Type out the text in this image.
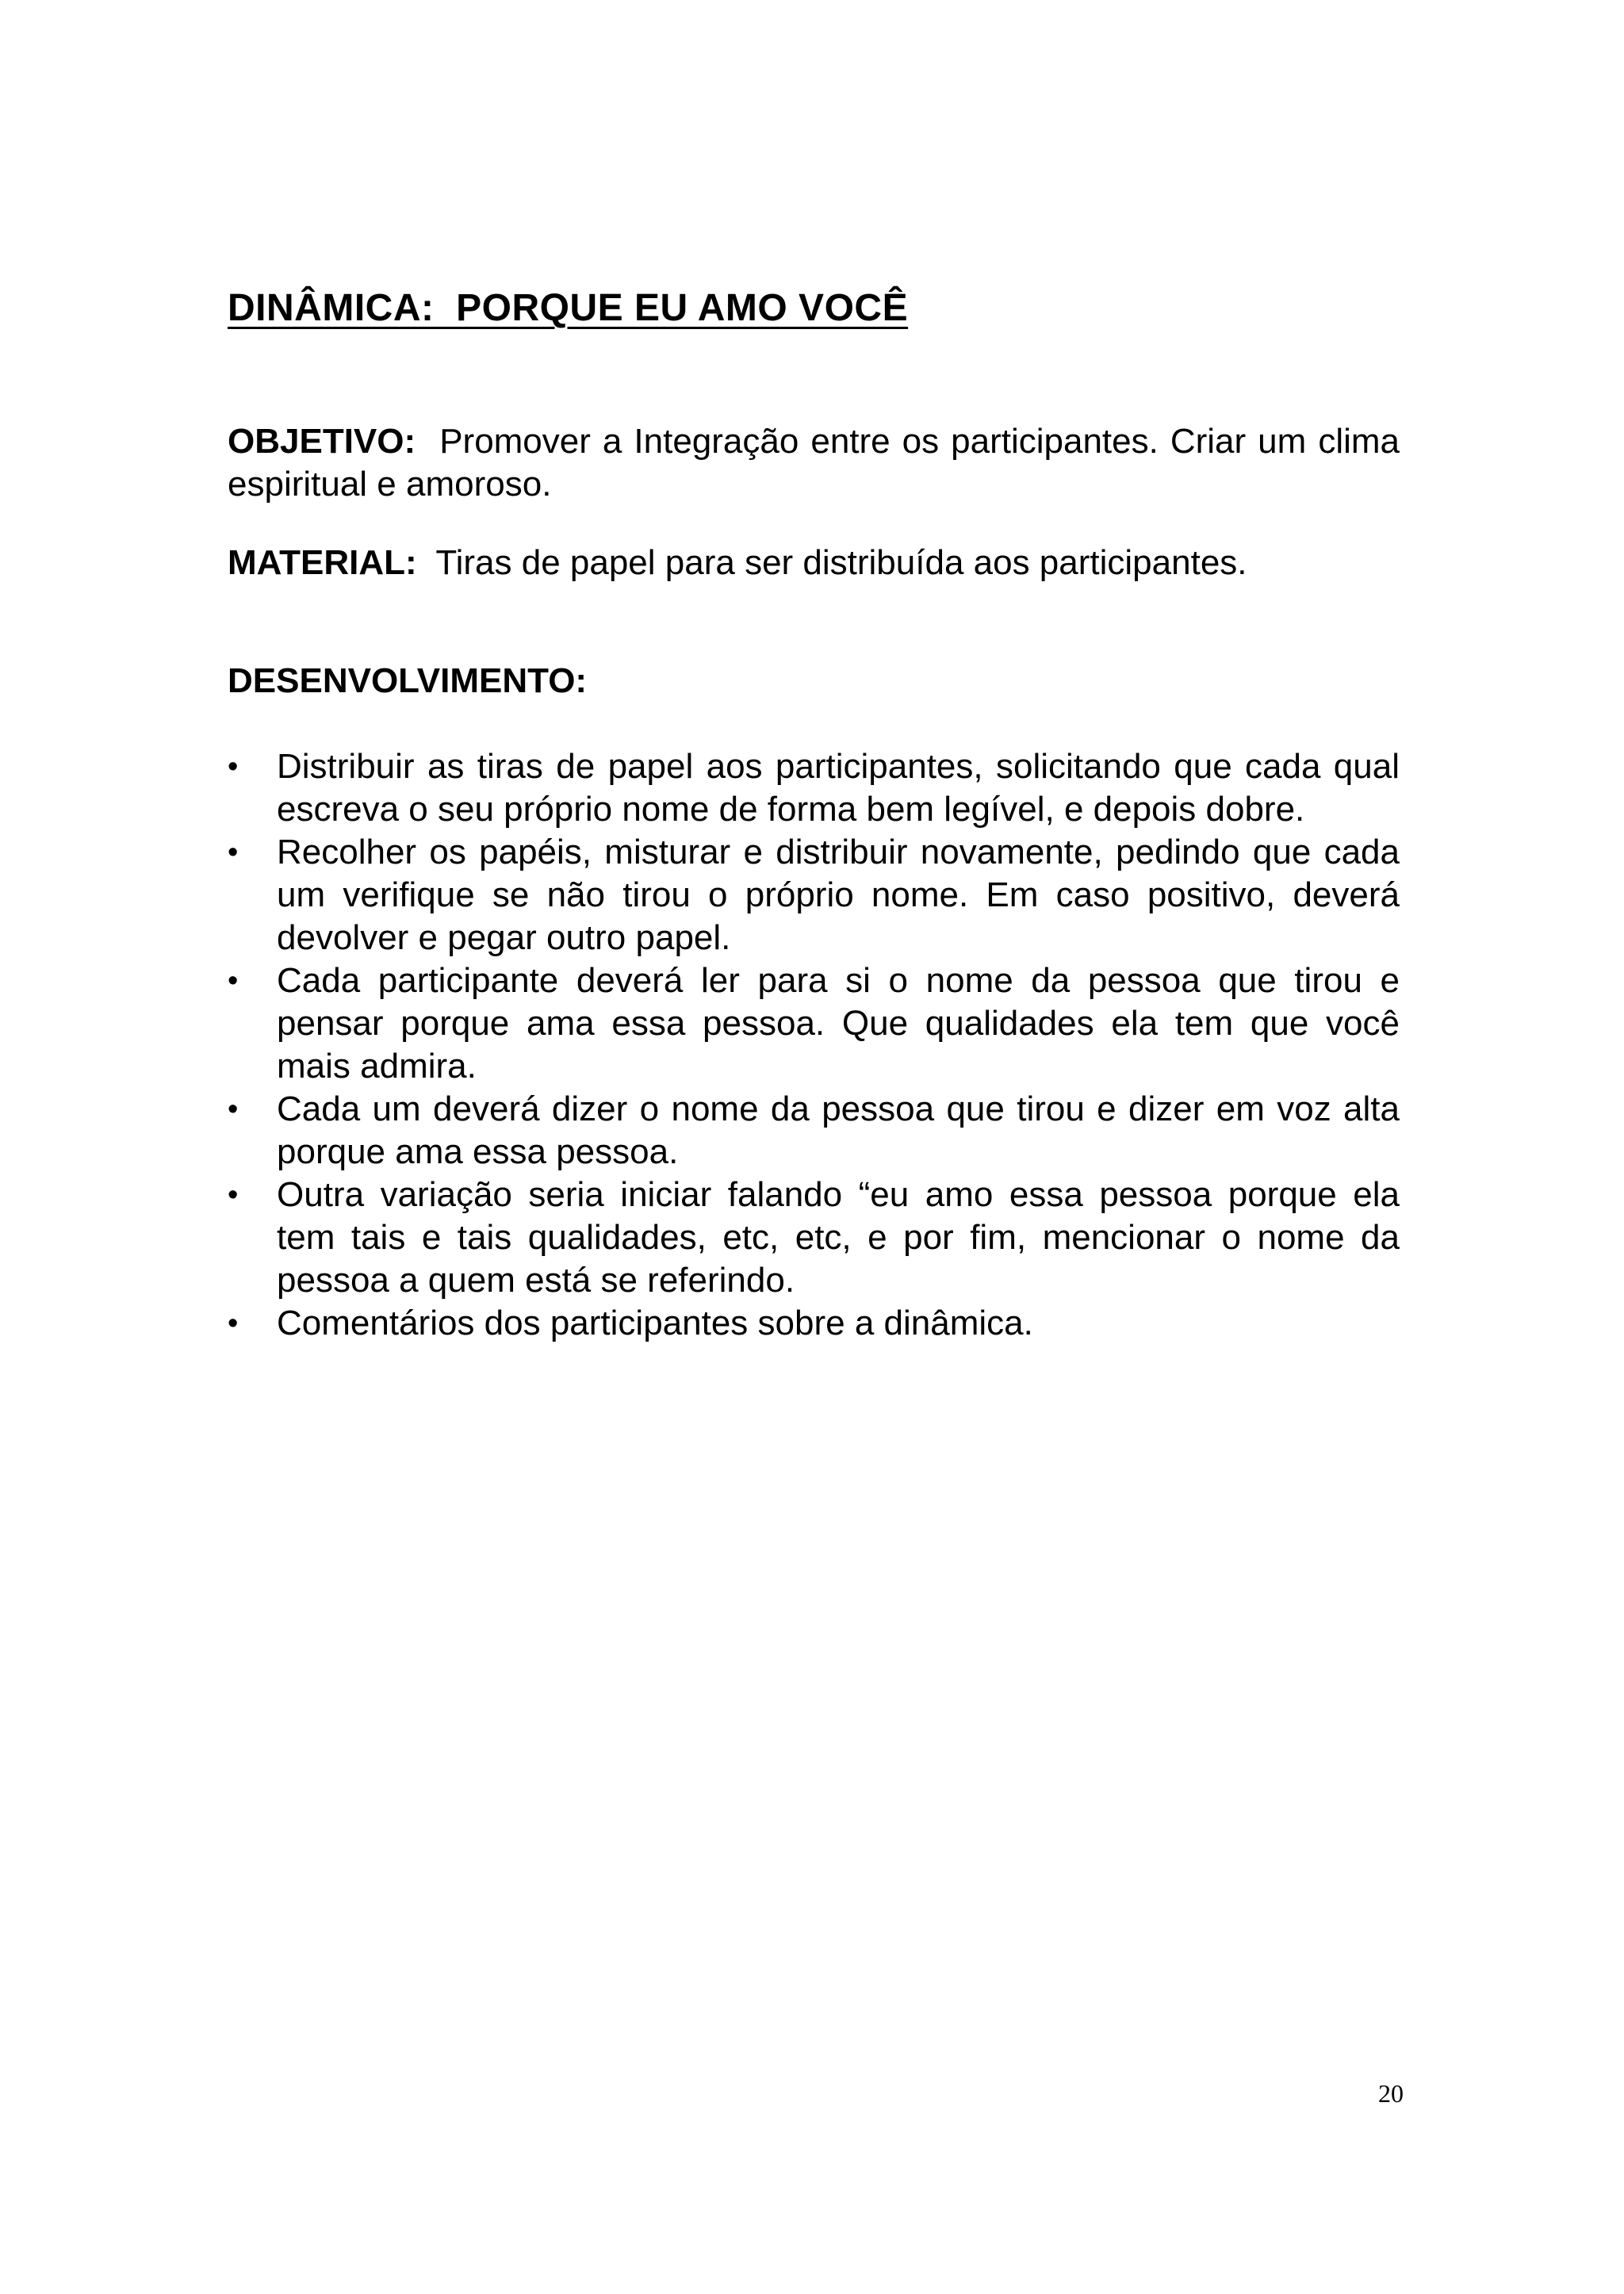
DINÂMICA:  PORQUE EU AMO VOCÊ

OBJETIVO: Promover a Integração entre os participantes. Criar um clima espiritual e amoroso.

MATERIAL: Tiras de papel para ser distribuída aos participantes.

DESENVOLVIMENTO:
•	Distribuir as tiras de papel aos participantes, solicitando que cada qual escreva o seu próprio nome de forma bem legível, e depois dobre.
•	Recolher os papéis, misturar e distribuir novamente, pedindo que cada um verifique se não tirou o próprio nome. Em caso positivo, deverá devolver e pegar outro papel.
•	Cada participante deverá ler para si o nome da pessoa que tirou e pensar porque ama essa pessoa. Que qualidades ela tem que você mais admira.
•	Cada um deverá dizer o nome da pessoa que tirou e dizer em voz alta porque ama essa pessoa.
•	Outra variação seria iniciar falando “eu amo essa pessoa porque ela tem tais e tais qualidades, etc, etc, e por fim, mencionar o nome da pessoa a quem está se referindo.
•	Comentários dos participantes sobre a dinâmica.
20
